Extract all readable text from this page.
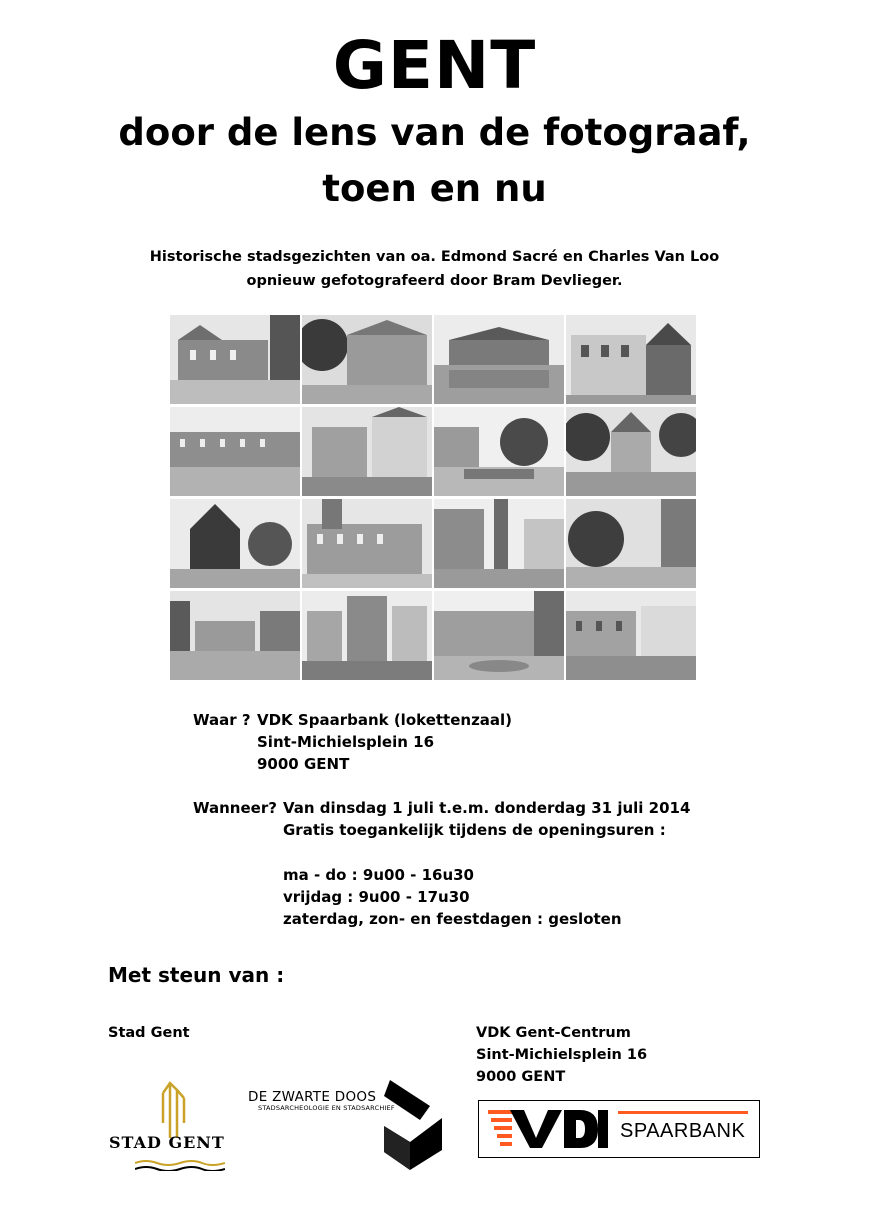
GENT
door de lens van de fotograaf,
toen en nu
Historische stadsgezichten van oa. Edmond Sacré en Charles Van Loo
opnieuw gefotografeerd door Bram Devlieger.
Waar ? VDK Spaarbank (lokettenzaal)
Sint-Michielsplein 16
9000 GENT
Wanneer? Van dinsdag 1 juli t.e.m. donderdag 31 juli 2014
Gratis toegankelijk tijdens de openingsuren :
ma - do : 9u00 - 16u30
vrijdag : 9u00 - 17u30
zaterdag, zon- en feestdagen : gesloten
Met steun van :
Stad Gent	VDK Gent-Centrum
Sint-Michielsplein 16
9000 GENT
STAD GENT
DE ZWARTE DOOS
STADSARCHEOLOGIE EN STADSARCHIEF
SPAARBANK
